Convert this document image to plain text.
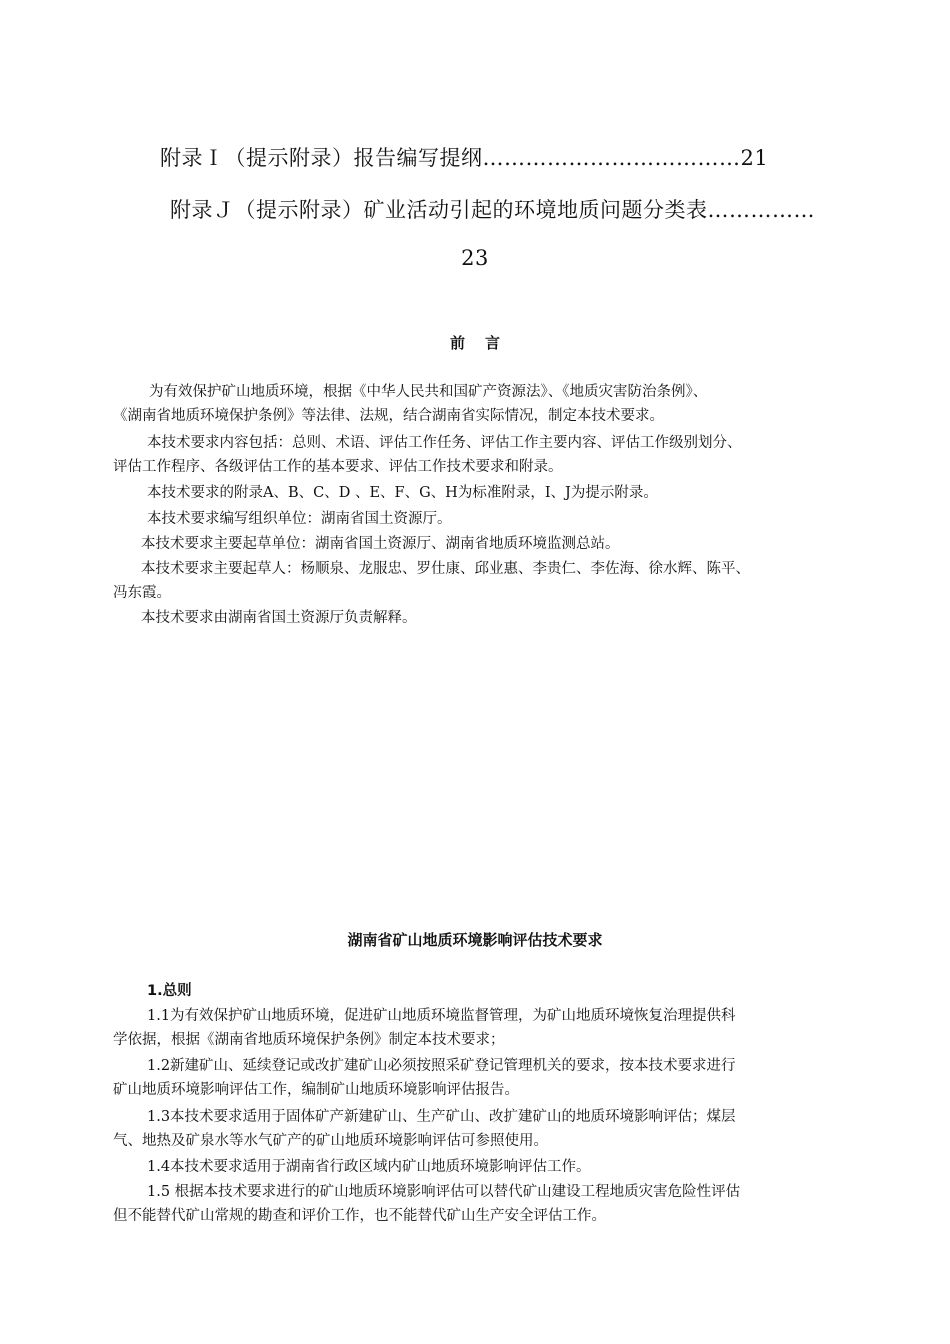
附录Ｉ（提示附录）报告编写提纲………………………………21
附录Ｊ（提示附录）矿业活动引起的环境地质问题分类表……………
23
前言
为有效保护矿山地质环境，根据《中华人民共和国矿产资源法》、《地质灾害防治条例》、
《湖南省地质环境保护条例》等法律、法规，结合湖南省实际情况，制定本技术要求。
本技术要求内容包括：总则、术语、评估工作任务、评估工作主要内容、评估工作级别划分、
评估工作程序、各级评估工作的基本要求、评估工作技术要求和附录。
本技术要求的附录A、B、C、D 、E、F、G、H为标准附录，I、J为提示附录。
本技术要求编写组织单位：湖南省国土资源厅。
本技术要求主要起草单位：湖南省国土资源厅、湖南省地质环境监测总站。
本技术要求主要起草人：杨顺泉、龙服忠、罗仕康、邱业惠、李贵仁、李佐海、徐水辉、陈平、
冯东霞。
本技术要求由湖南省国土资源厅负责解释。
湖南省矿山地质环境影响评估技术要求
1.总则
1.1为有效保护矿山地质环境，促进矿山地质环境监督管理，为矿山地质环境恢复治理提供科
学依据，根据《湖南省地质环境保护条例》制定本技术要求；
1.2新建矿山、延续登记或改扩建矿山必须按照采矿登记管理机关的要求，按本技术要求进行
矿山地质环境影响评估工作，编制矿山地质环境影响评估报告。
1.3本技术要求适用于固体矿产新建矿山、生产矿山、改扩建矿山的地质环境影响评估；煤层
气、地热及矿泉水等水气矿产的矿山地质环境影响评估可参照使用。
1.4本技术要求适用于湖南省行政区域内矿山地质环境影响评估工作。
1.5 根据本技术要求进行的矿山地质环境影响评估可以替代矿山建设工程地质灾害危险性评估
但不能替代矿山常规的勘查和评价工作，也不能替代矿山生产安全评估工作。
